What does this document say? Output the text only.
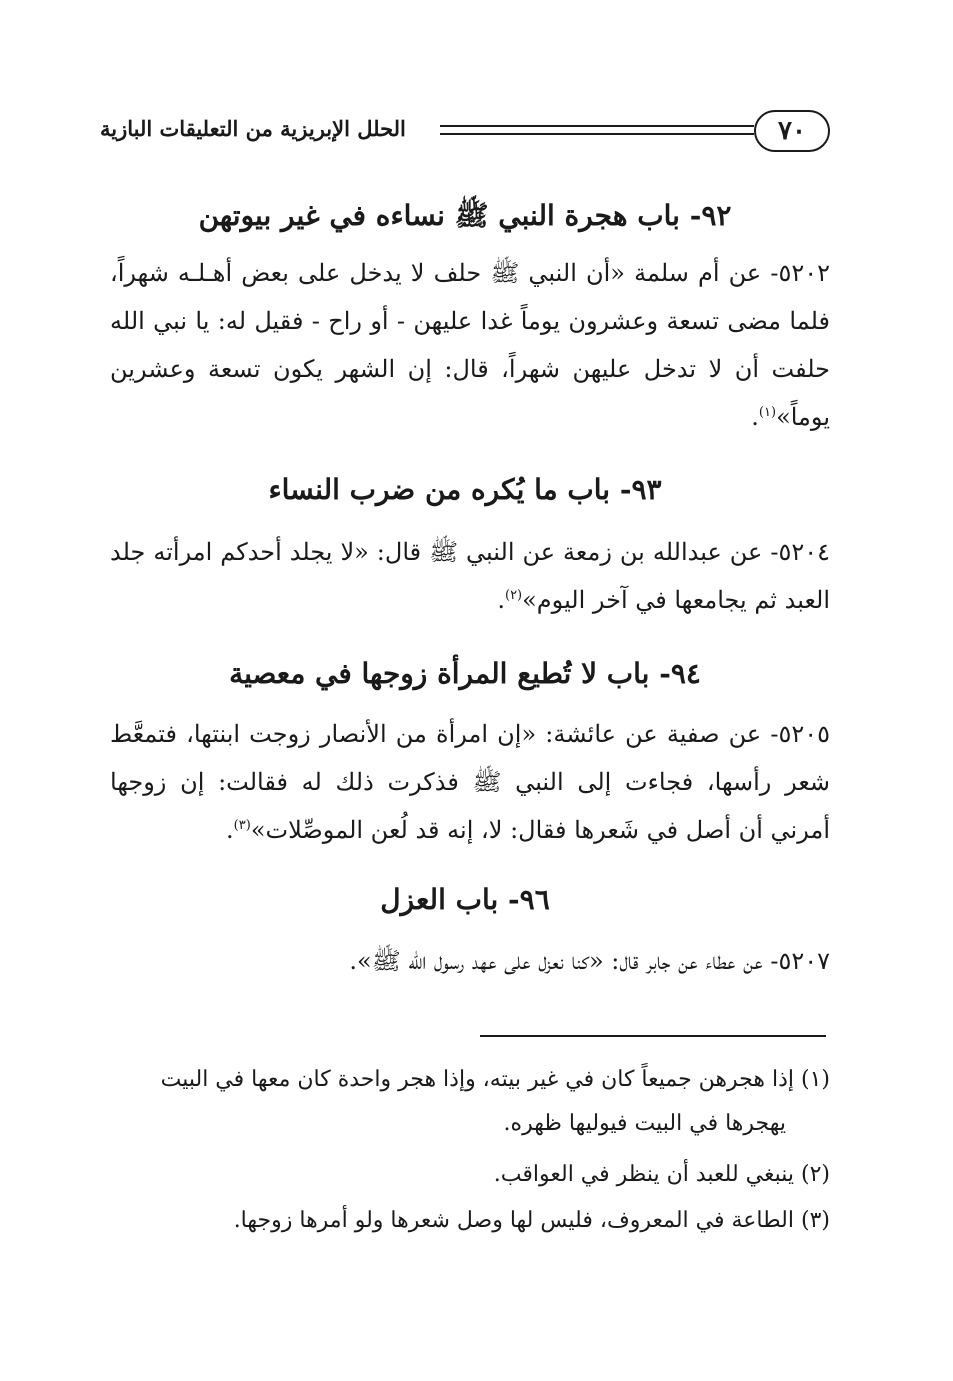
٧٠
الحلل الإبريزية من التعليقات البازية
٩٢- باب هجرة النبي ﷺ نساءه في غير بيوتهن
٥٢٠٢- عن أم سلمة «أن النبي ﷺ حلف لا يدخل على بعض أهـلـه شهراً، فلما مضى تسعة وعشرون يوماً غدا عليهن - أو راح - فقيل له: يا نبي الله حلفت أن لا تدخل عليهن شهراً، قال: إن الشهر يكون تسعة وعشرين يوماً»$^{(١)}$.
٩٣- باب ما يُكره من ضرب النساء
٥٢٠٤- عن عبدالله بن زمعة عن النبي ﷺ قال: «لا يجلد أحدكم امرأته جلد العبد ثم يجامعها في آخر اليوم»$^{(٢)}$.
٩٤- باب لا تُطيع المرأة زوجها في معصية
٥٢٠٥- عن صفية عن عائشة: «إن امرأة من الأنصار زوجت ابنتها، فتمعَّط شعر رأسها، فجاءت إلى النبي ﷺ فذكرت ذلك له فقالت: إن زوجها أمرني أن أصل في شَعرها فقال: لا، إنه قد لُعن الموصِّلات»$^{(٣)}$.
٩٦- باب العزل
٥٢٠٧- عن عطاء عن جابر قال: «كنا نعزل على عهد رسول الله ﷺ».
(١) إذا هجرهن جميعاً كان في غير بيته، وإذا هجر واحدة كان معها في البيت يهجرها في البيت فيوليها ظهره.
(٢) ينبغي للعبد أن ينظر في العواقب.
(٣) الطاعة في المعروف، فليس لها وصل شعرها ولو أمرها زوجها.
